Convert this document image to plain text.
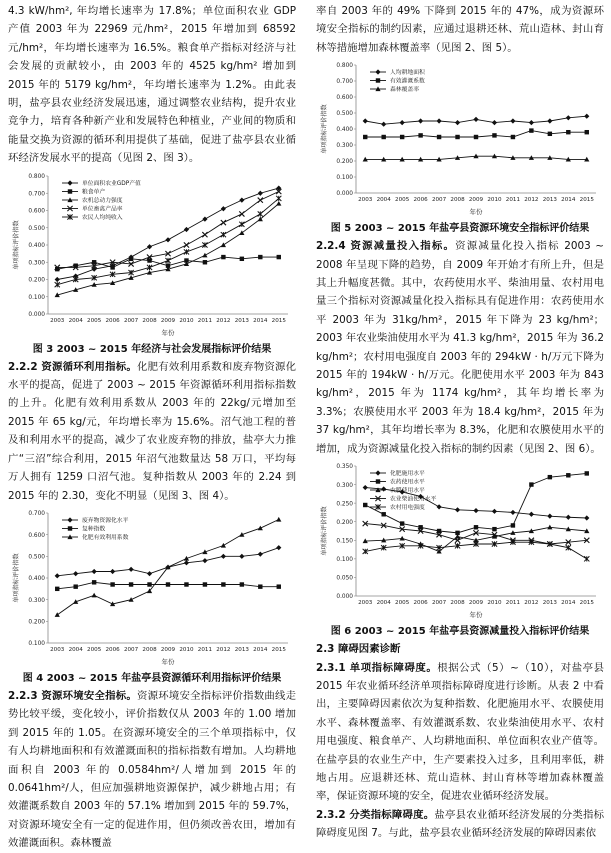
4.3 kW/hm², 年均增长速率为 17.8%；单位面积农业 GDP 产值 2003 年为 22969 元/hm²，2015 年增加到 68592 元/hm²，年均增长速率为 16.5%。粮食单产指标对经济与社会发展的贡献较小，由 2003 年的 4525 kg/hm² 增加到 2015 年的 5179 kg/hm²，年均增长速率为 1.2%。由此表明，盐亭县农业经济发展迅速，通过调整农业结构，提升农业竞争力，培育各种新产业和发展特色种植业，产业间的物质和能量交换为资源的循环利用提供了基础，促进了盐亭县农业循环经济发展水平的提高（见图 2、图 3）。

0.000
0.100
0.200
0.300
0.400
0.500
0.600
0.700
0.800
2003 2004 2005 2006 2007 2008 2009 2010 2011 2012 2013 2014 2015
年份
单项指标评价指数
单位面积农业GDP产值
粮食单产
农机总动力强度
单位畜禽产品率
农民人均纯收入

图 3 2003 ~ 2015 年经济与社会发展指标评价结果

2.2.2 资源循环利用指标。化肥有效利用系数和废弃物资源化水平的提高，促进了 2003 ~ 2015 年资源循环利用指标指数的上升。化肥有效利用系数从 2003 年的 22kg/元增加至 2015 年 65 kg/元，年均增长率为 15.6%。沼气池工程的普及和利用水平的提高，减少了农业废弃物的排放，盐亭大力推广“三沼”综合利用，2015 年沼气池数量达 58 万口，平均每万人拥有 1259 口沼气池。复种指数从 2003 年的 2.24 到 2015 年的 2.30，变化不明显（见图 3、图 4）。

0.100
0.200
0.300
0.400
0.500
0.600
0.700
2003 2004 2005 2006 2007 2008 2009 2010 2011 2012 2013 2014 2015
年份
单项指标评价指数
废弃物资源化水平
复种指数
化肥有效利用系数

图 4 2003 ~ 2015 年盐亭县资源循环利用指标评价结果

2.2.3 资源环境安全指标。资源环境安全指标评价指数曲线走势比较平缓，变化较小，评价指数仅从 2003 年的 1.00 增加到 2015 年的 1.05。在资源环境安全的三个单项指标中，仅有人均耕地面积和有效灌溉面积的指标指数有增加。人均耕地面积自 2003 年的 0.0584hm²/人增加到 2015 年的 0.0641hm²/人，但应加强耕地资源保护，减少耕地占用；有效灌溉系数自 2003 年的 57.1% 增加到 2015 年的 59.7%，对资源环境安全有一定的促进作用，但仍须改善农田，增加有效灌溉面积。森林覆盖

率自 2003 年的 49% 下降到 2015 年的 47%，成为资源环境安全指标的制约因素，应通过退耕还林、荒山造林、封山育林等措施增加森林覆盖率（见图 2、图 5）。

0.000
0.100
0.200
0.300
0.400
0.500
0.600
0.700
0.800
2003 2004 2005 2006 2007 2008 2009 2010 2011 2012 2013 2014 2015
年份
单项指标评价指数
人均耕地面积
有效灌溉系数
森林覆盖率

图 5 2003 ~ 2015 年盐亭县资源环境安全指标评价结果

2.2.4 资源减量投入指标。资源减量化投入指标 2003 ~ 2008 年呈现下降的趋势，自 2009 年开始才有所上升，但是其上升幅度甚微。其中，农药使用水平、柴油用量、农村用电量三个指标对资源减量化投入指标具有促进作用：农药使用水平 2003 年为 31kg/hm²，2015 年下降为 23 kg/hm²；2003 年农业柴油使用水平为 41.3 kg/hm²，2015 年为 36.2 kg/hm²；农村用电强度自 2003 年的 294kW · h/万元下降为 2015 年的 194kW · h/万元。化肥使用水平 2003 年为 843 kg/hm²，2015 年为 1174 kg/hm²，其年均增长率为 3.3%；农膜使用水平 2003 年为 18.4 kg/hm²，2015 年为 37 kg/hm²，其年均增长率为 8.3%，化肥和农膜使用水平的增加，成为资源减量化投入指标的制约因素（见图 2、图 6）。

0.000
0.050
0.100
0.150
0.200
0.250
0.300
0.350
2003 2004 2005 2006 2007 2008 2009 2010 2011 2012 2013 2014 2015
年份
单项指标评价指数
化肥施用水平
农药使用水平
农膜使用水平
农业柴油使用水平
农村用电强度

图 6 2003 ~ 2015 年盐亭县资源减量投入指标评价结果

2.3 障碍因素诊断

2.3.1 单项指标障碍度。根据公式（5）~（10），对盐亭县 2015 年农业循环经济单项指标障碍度进行诊断。从表 2 中看出，主要障碍因素依次为复种指数、化肥施用水平、农膜使用水平、森林覆盖率、有效灌溉系数、农业柴油使用水平、农村用电强度、粮食单产、人均耕地面积、单位面积农业产值等。在盐亭县的农业生产中，生产要素投入过多，且利用率低，耕地占用。应退耕还林、荒山造林、封山育林等增加森林覆盖率，保证资源环境的安全，促进农业循环经济发展。

2.3.2 分类指标障碍度。盐亭县农业循环经济发展的分类指标障碍度见图 7。与此，盐亭县农业循环经济发展的障碍因素依
